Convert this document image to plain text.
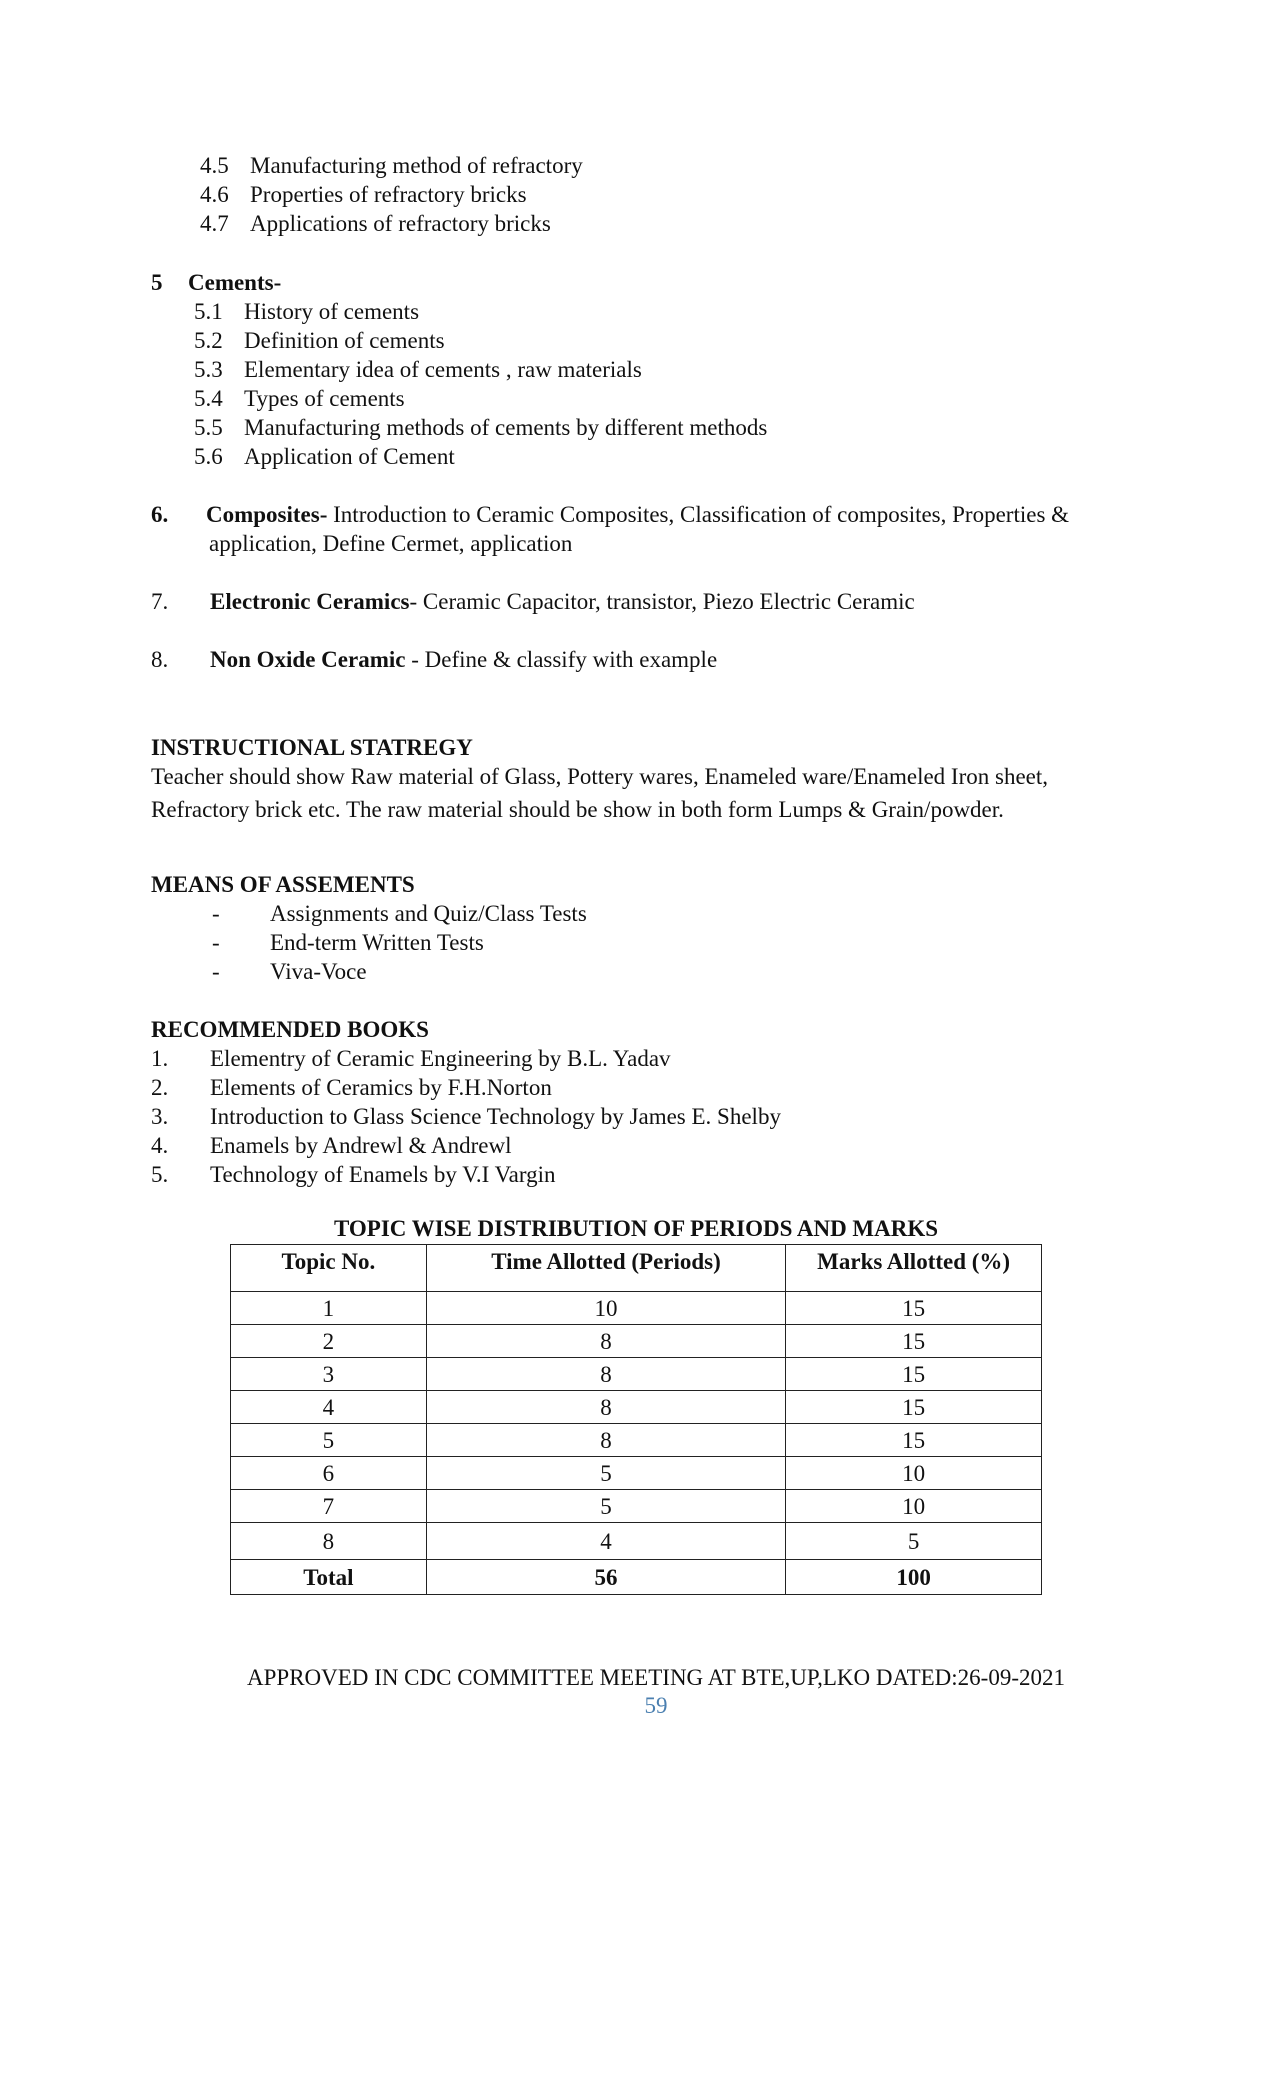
4.5 Manufacturing method of refractory
4.6 Properties of refractory bricks
4.7 Applications of refractory bricks
5 Cements-
5.1 History of cements
5.2 Definition of cements
5.3 Elementary idea of cements , raw materials
5.4 Types of cements
5.5 Manufacturing methods of cements by different methods
5.6 Application of Cement
6. Composites- Introduction to Ceramic Composites, Classification of composites, Properties &
application, Define Cermet, application
7. Electronic Ceramics- Ceramic Capacitor, transistor, Piezo Electric Ceramic
8. Non Oxide Ceramic - Define & classify with example
INSTRUCTIONAL STATREGY
Teacher should show Raw material of Glass, Pottery wares, Enameled ware/Enameled Iron sheet,
Refractory brick etc. The raw material should be show in both form Lumps & Grain/powder.
MEANS OF ASSEMENTS
- Assignments and Quiz/Class Tests
- End-term Written Tests
- Viva-Voce
RECOMMENDED BOOKS
1. Elementry of Ceramic Engineering by B.L. Yadav
2. Elements of Ceramics by F.H.Norton
3. Introduction to Glass Science Technology by James E. Shelby
4. Enamels by Andrewl & Andrewl
5. Technology of Enamels by V.I Vargin
TOPIC WISE DISTRIBUTION OF PERIODS AND MARKS
Topic No.	Time Allotted (Periods)	Marks Allotted (%)
1	10	15
2	8	15
3	8	15
4	8	15
5	8	15
6	5	10
7	5	10
8	4	5
Total	56	100
APPROVED IN CDC COMMITTEE MEETING AT BTE,UP,LKO DATED:26-09-2021
59
